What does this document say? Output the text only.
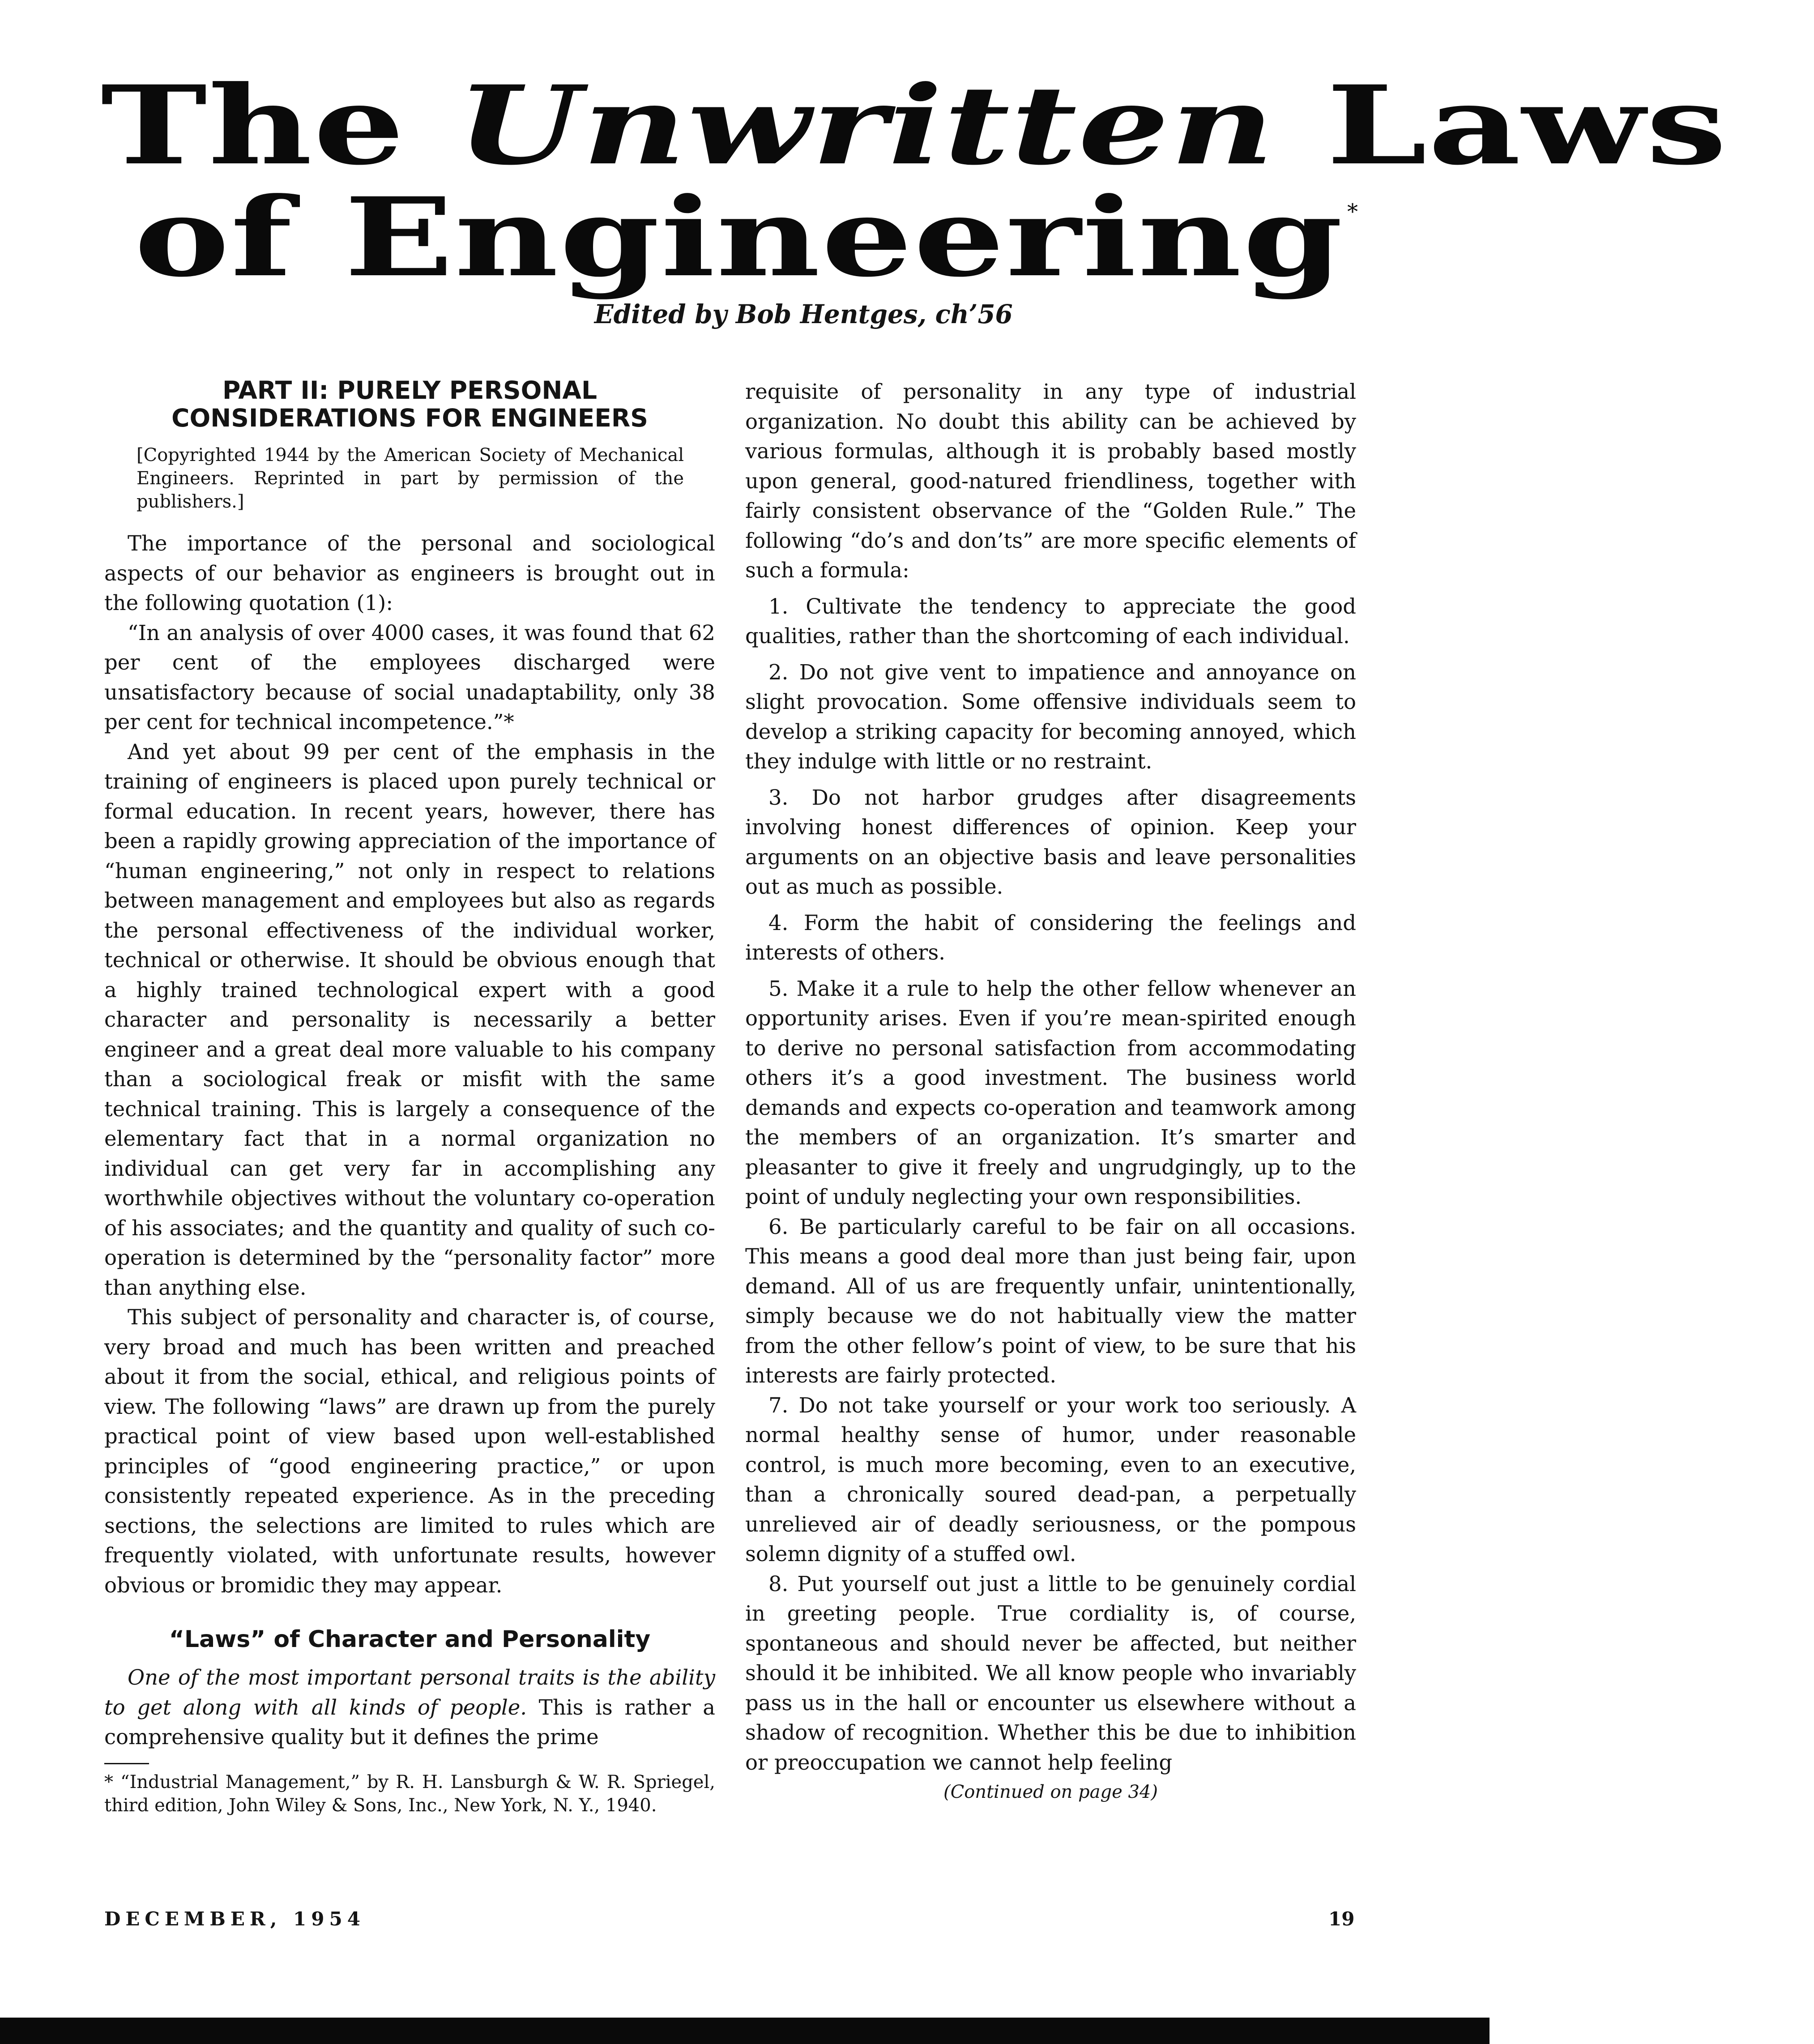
The Unwritten Laws
of Engineering *
Edited by Bob Hentges, ch’56
PART II: PURELY PERSONAL CONSIDERATIONS FOR ENGINEERS
[Copyrighted 1944 by the American Society of Mechanical Engineers. Reprinted in part by permission of the publishers.]

The importance of the personal and sociological aspects of our behavior as engineers is brought out in the following quotation (1):

“In an analysis of over 4000 cases, it was found that 62 per cent of the employees discharged were unsatisfactory because of social unadaptability, only 38 per cent for technical incompetence.”*

And yet about 99 per cent of the emphasis in the training of engineers is placed upon purely technical or formal education. In recent years, however, there has been a rapidly growing appreciation of the importance of “human engineering,” not only in respect to relations between management and employees but also as regards the personal effectiveness of the individual worker, technical or otherwise. It should be obvious enough that a highly trained technological expert with a good character and personality is necessarily a better engineer and a great deal more valuable to his company than a sociological freak or misfit with the same technical training. This is largely a consequence of the elementary fact that in a normal organization no individual can get very far in accomplishing any worthwhile objectives without the voluntary co-operation of his associates; and the quantity and quality of such co-operation is determined by the “personality factor” more than anything else.

This subject of personality and character is, of course, very broad and much has been written and preached about it from the social, ethical, and religious points of view. The following “laws” are drawn up from the purely practical point of view based upon well-established principles of “good engineering practice,” or upon consistently repeated experience. As in the preceding sections, the selections are limited to rules which are frequently violated, with unfortunate results, however obvious or bromidic they may appear.

“Laws” of Character and Personality

One of the most important personal traits is the ability to get along with all kinds of people. This is rather a comprehensive quality but it defines the prime

* “Industrial Management,” by R. H. Lansburgh & W. R. Spriegel, third edition, John Wiley & Sons, Inc., New York, N. Y., 1940.

requisite of personality in any type of industrial organization. No doubt this ability can be achieved by various formulas, although it is probably based mostly upon general, good-natured friendliness, together with fairly consistent observance of the “Golden Rule.” The following “do’s and don’ts” are more specific elements of such a formula:

1. Cultivate the tendency to appreciate the good qualities, rather than the shortcoming of each individual.

2. Do not give vent to impatience and annoyance on slight provocation. Some offensive individuals seem to develop a striking capacity for becoming annoyed, which they indulge with little or no restraint.

3. Do not harbor grudges after disagreements involving honest differences of opinion. Keep your arguments on an objective basis and leave personalities out as much as possible.

4. Form the habit of considering the feelings and interests of others.

5. Make it a rule to help the other fellow whenever an opportunity arises. Even if you’re mean-spirited enough to derive no personal satisfaction from accommodating others it’s a good investment. The business world demands and expects co-operation and teamwork among the members of an organization. It’s smarter and pleasanter to give it freely and ungrudgingly, up to the point of unduly neglecting your own responsibilities.

6. Be particularly careful to be fair on all occasions. This means a good deal more than just being fair, upon demand. All of us are frequently unfair, unintentionally, simply because we do not habitually view the matter from the other fellow’s point of view, to be sure that his interests are fairly protected.

7. Do not take yourself or your work too seriously. A normal healthy sense of humor, under reasonable control, is much more becoming, even to an executive, than a chronically soured dead-pan, a perpetually unrelieved air of deadly seriousness, or the pompous solemn dignity of a stuffed owl.

8. Put yourself out just a little to be genuinely cordial in greeting people. True cordiality is, of course, spontaneous and should never be affected, but neither should it be inhibited. We all know people who invariably pass us in the hall or encounter us elsewhere without a shadow of recognition. Whether this be due to inhibition or preoccupation we cannot help feeling

(Continued on page 34)
DECEMBER, 1954	19
